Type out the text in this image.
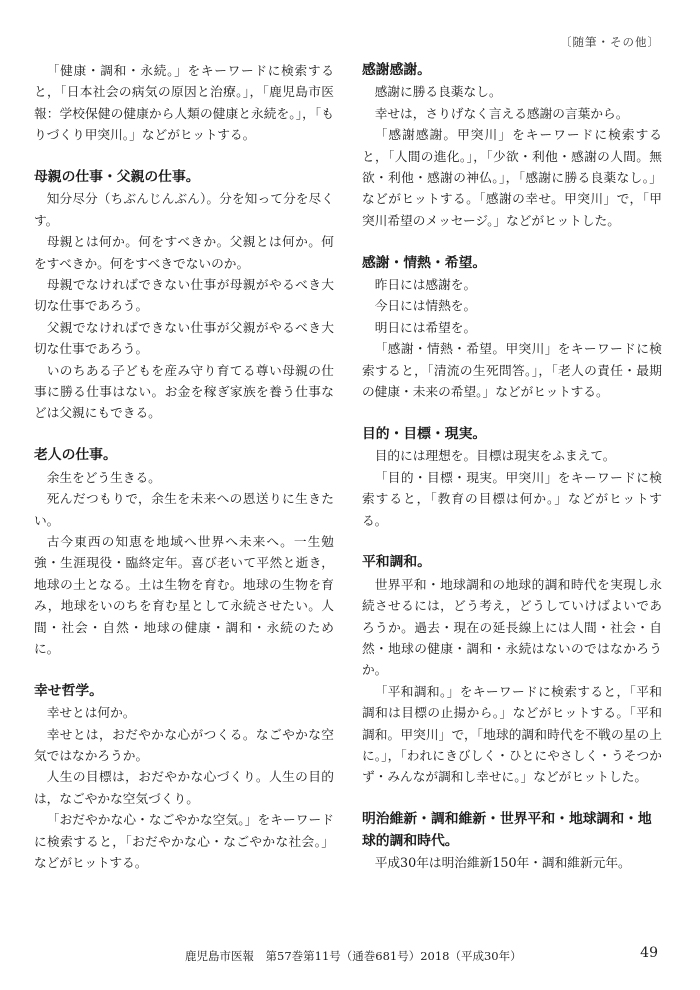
〔随筆・その他〕

「健康・調和・永続。」をキーワードに検索すると，「日本社会の病気の原因と治療。」，「鹿児島市医報：学校保健の健康から人類の健康と永続を。」，「もりづくり甲突川。」などがヒットする。

母親の仕事・父親の仕事。

知分尽分（ちぶんじんぶん）。分を知って分を尽くす。

母親とは何か。何をすべきか。父親とは何か。何をすべきか。何をすべきでないのか。

母親でなければできない仕事が母親がやるべき大切な仕事であろう。

父親でなければできない仕事が父親がやるべき大切な仕事であろう。

いのちある子どもを産み守り育てる尊い母親の仕事に勝る仕事はない。お金を稼ぎ家族を養う仕事などは父親にもできる。

老人の仕事。

余生をどう生きる。

死んだつもりで，余生を未来への恩送りに生きたい。

古今東西の知恵を地域へ世界へ未来へ。一生勉強・生涯現役・臨終定年。喜び老いて平然と逝き，地球の土となる。土は生物を育む。地球の生物を育み，地球をいのちを育む星として永続させたい。人間・社会・自然・地球の健康・調和・永続のために。

幸せ哲学。

幸せとは何か。

幸せとは，おだやかな心がつくる。なごやかな空気ではなかろうか。

人生の目標は，おだやかな心づくり。人生の目的は，なごやかな空気づくり。

「おだやかな心・なごやかな空気。」をキーワードに検索すると，「おだやかな心・なごやかな社会。」などがヒットする。

感謝感謝。

感謝に勝る良薬なし。

幸せは，さりげなく言える感謝の言葉から。

「感謝感謝。甲突川」をキーワードに検索すると，「人間の進化。」，「少欲・利他・感謝の人間。無欲・利他・感謝の神仏。」，「感謝に勝る良薬なし。」などがヒットする。「感謝の幸せ。甲突川」で，「甲突川希望のメッセージ。」などがヒットした。

感謝・情熱・希望。

昨日には感謝を。

今日には情熱を。

明日には希望を。

「感謝・情熱・希望。甲突川」をキーワードに検索すると，「清流の生死問答。」，「老人の責任・最期の健康・未来の希望。」などがヒットする。

目的・目標・現実。

目的には理想を。目標は現実をふまえて。

「目的・目標・現実。甲突川」をキーワードに検索すると，「教育の目標は何か。」などがヒットする。

平和調和。

世界平和・地球調和の地球的調和時代を実現し永続させるには，どう考え，どうしていけばよいであろうか。過去・現在の延長線上には人間・社会・自然・地球の健康・調和・永続はないのではなかろうか。

「平和調和。」をキーワードに検索すると，「平和調和は目標の止揚から。」などがヒットする。「平和調和。甲突川」で，「地球的調和時代を不戦の星の上に。」，「われにきびしく・ひとにやさしく・うそつかず・みんなが調和し幸せに。」などがヒットした。

明治維新・調和維新・世界平和・地球調和・地球的調和時代。

平成30年は明治維新150年・調和維新元年。

鹿児島市医報　第57巻第11号（通巻681号）2018（平成30年）	49
